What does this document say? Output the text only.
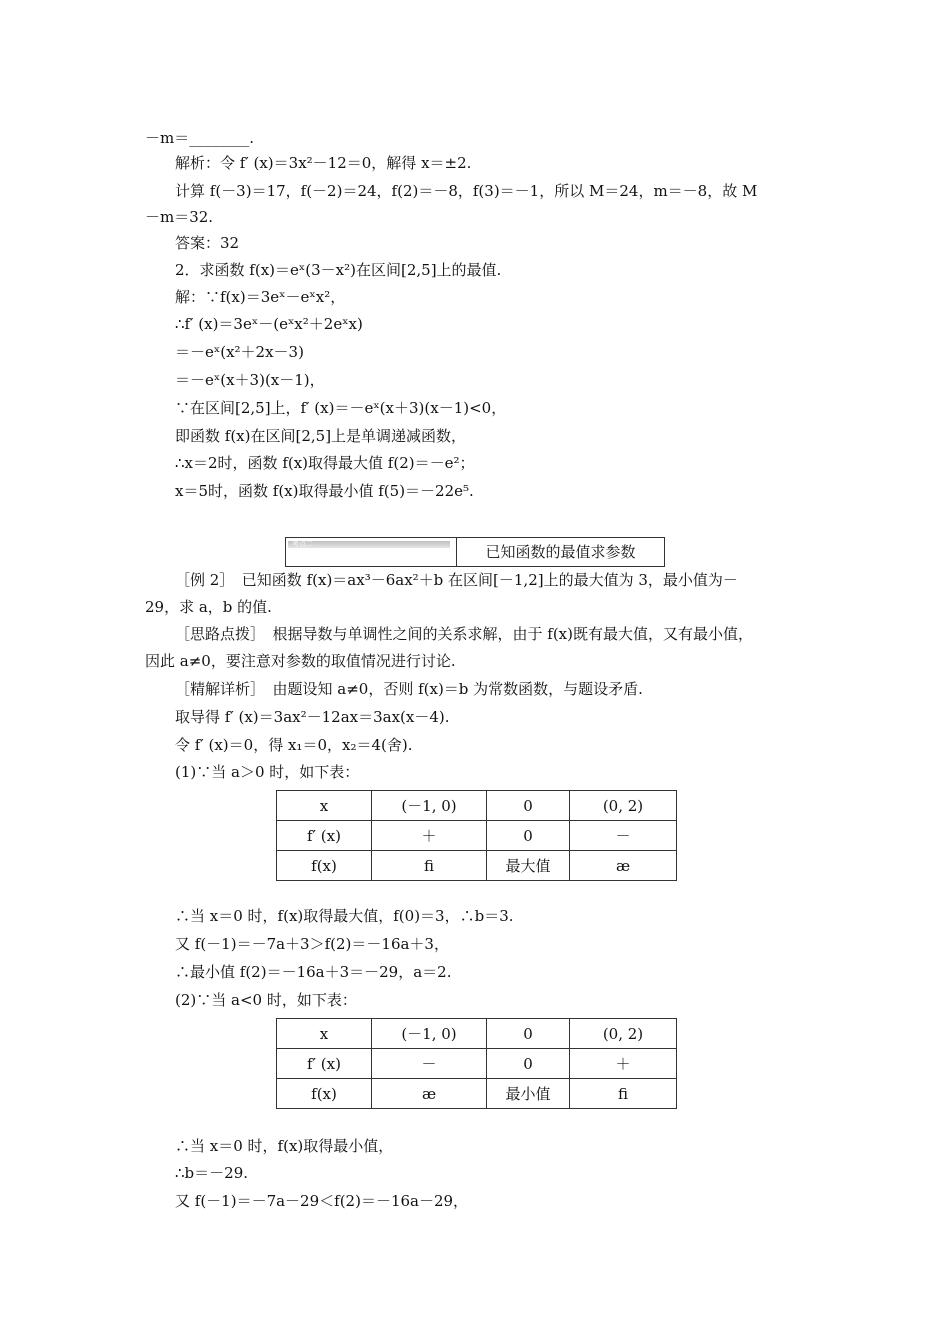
－m＝________.
解析：令 f′ (x)＝3x²－12＝0，解得 x＝±2.
计算 f(－3)＝17，f(－2)＝24，f(2)＝－8，f(3)＝－1，所以 M＝24，m＝－8，故 M
－m＝32.
答案：32
2．求函数 f(x)＝eˣ(3－x²)在区间[2,5]上的最值.
解：∵f(x)＝3eˣ－eˣx²，
∴f′ (x)＝3eˣ－(eˣx²＋2eˣx)
＝－eˣ(x²＋2x－3)
＝－eˣ(x＋3)(x－1)，
∵在区间[2,5]上，f′ (x)＝－eˣ(x＋3)(x－1)<0，
即函数 f(x)在区间[2,5]上是单调递减函数，
∴x＝2时，函数 f(x)取得最大值 f(2)＝－e²；
x＝5时，函数 f(x)取得最小值 f(5)＝－22e⁵.
考点二	已知函数的最值求参数
［例 2］　已知函数 f(x)＝ax³－6ax²＋b 在区间[－1,2]上的最大值为 3，最小值为－
29，求 a，b 的值.
［思路点拨］　根据导数与单调性之间的关系求解，由于 f(x)既有最大值，又有最小值，
因此 a≠0，要注意对参数的取值情况进行讨论.
［精解详析］　由题设知 a≠0，否则 f(x)＝b 为常数函数，与题设矛盾.
取导得 f′ (x)＝3ax²－12ax＝3ax(x－4).
令 f′ (x)＝0，得 x₁＝0，x₂＝4(舍).
(1)∵当 a＞0 时，如下表：
x	(－1, 0)	0	(0, 2)
f′ (x)	＋	0	－
f(x)	ﬁ	最大值	æ
∴当 x＝0 时，f(x)取得最大值，f(0)＝3，∴b＝3.
又 f(－1)＝－7a＋3＞f(2)＝－16a＋3，
∴最小值 f(2)＝－16a＋3＝－29，a＝2.
(2)∵当 a<0 时，如下表：
x	(－1, 0)	0	(0, 2)
f′ (x)	－	0	＋
f(x)	æ	最小值	ﬁ
∴当 x＝0 时，f(x)取得最小值，
∴b＝－29.
又 f(－1)＝－7a－29＜f(2)＝－16a－29，
